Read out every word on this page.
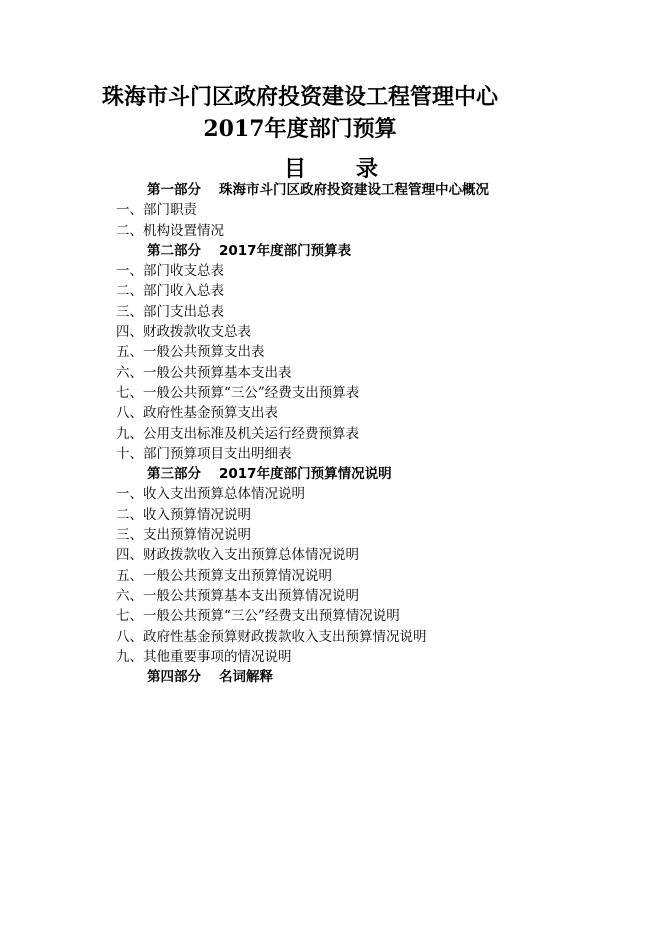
珠海市斗门区政府投资建设工程管理中心
2017年度部门预算
目 录
第一部分 珠海市斗门区政府投资建设工程管理中心概况
一、部门职责
二、机构设置情况
第二部分 2017年度部门预算表
一、部门收支总表
二、部门收入总表
三、部门支出总表
四、财政拨款收支总表
五、一般公共预算支出表
六、一般公共预算基本支出表
七、一般公共预算“三公”经费支出预算表
八、政府性基金预算支出表
九、公用支出标准及机关运行经费预算表
十、部门预算项目支出明细表
第三部分 2017年度部门预算情况说明
一、收入支出预算总体情况说明
二、收入预算情况说明
三、支出预算情况说明
四、财政拨款收入支出预算总体情况说明
五、一般公共预算支出预算情况说明
六、一般公共预算基本支出预算情况说明
七、一般公共预算“三公”经费支出预算情况说明
八、政府性基金预算财政拨款收入支出预算情况说明
九、其他重要事项的情况说明
第四部分 名词解释
